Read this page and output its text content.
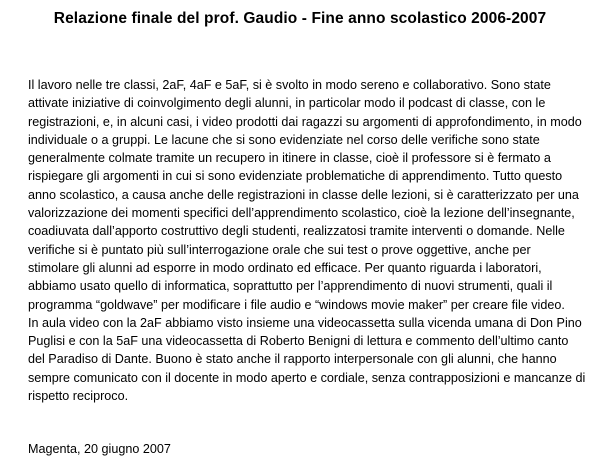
Relazione finale del prof. Gaudio - Fine anno scolastico 2006-2007

Il lavoro nelle tre classi, 2aF, 4aF e 5aF, si è svolto in modo sereno e collaborativo. Sono state

attivate iniziative di coinvolgimento degli alunni, in particolar modo il podcast di classe, con le

registrazioni, e, in alcuni casi, i video prodotti dai ragazzi su argomenti di approfondimento, in modo

individuale o a gruppi. Le lacune che si sono evidenziate nel corso delle verifiche sono state

generalmente colmate tramite un recupero in itinere in classe, cioè il professore si è fermato a

rispiegare gli argomenti in cui si sono evidenziate problematiche di apprendimento. Tutto questo

anno scolastico, a causa anche delle registrazioni in classe delle lezioni, si è caratterizzato per una

valorizzazione dei momenti specifici dell’apprendimento scolastico, cioè la lezione dell’insegnante,

coadiuvata dall’apporto costruttivo degli studenti, realizzatosi tramite interventi o domande. Nelle

verifiche si è puntato più sull’interrogazione orale che sui test o prove oggettive, anche per

stimolare gli alunni ad esporre in modo ordinato ed efficace. Per quanto riguarda i laboratori,

abbiamo usato quello di informatica, soprattutto per l’apprendimento di nuovi strumenti, quali il

programma “goldwave” per modificare i file audio e “windows movie maker” per creare file video.

In aula video con la 2aF abbiamo visto insieme una videocassetta sulla vicenda umana di Don Pino

Puglisi e con la 5aF una videocassetta di Roberto Benigni di lettura e commento dell’ultimo canto

del Paradiso di Dante. Buono è stato anche il rapporto interpersonale con gli alunni, che hanno

sempre comunicato con il docente in modo aperto e cordiale, senza contrapposizioni e mancanze di

rispetto reciproco.

Magenta, 20 giugno 2007
